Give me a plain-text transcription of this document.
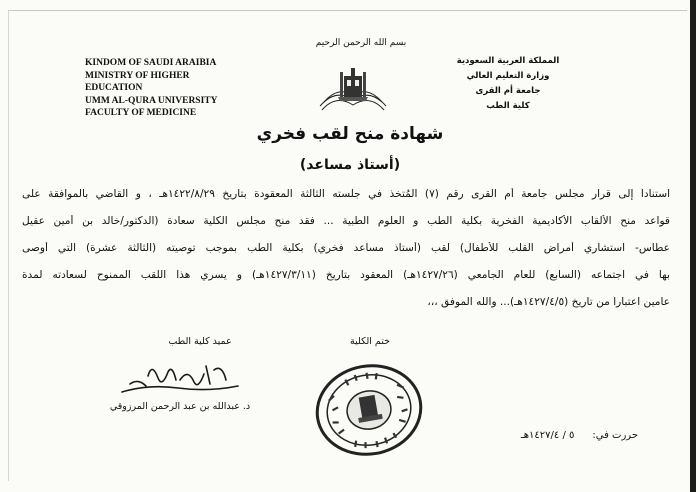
KINDOM OF SAUDI ARAIBIA
MINISTRY OF HIGHER EDUCATION
UMM AL-QURA UNIVERSITY
FACULTY OF MEDICINE
بسم الله الرحمن الرحيم
المملكة العربية السعودية
وزارة التعليم العالي
جامعة أم القرى
كلية الطب
شهادة منح لقب فخري
(أستاذ مساعد)
استناداً إلى قرار مجلس جامعة أم القرى رقم (٧) المُتخذ في جلسته الثالثة المعقودة بتاريخ ١٤٢٢/٨/٢٩هـ ، و القاضي بالموافقة على
قواعد منح الألقاب الأكاديمية الفخرية بكلية الطب و العلوم الطبية ... فقد منح مجلس الكلية سعادة (الدكتور/خالد بن أمين عقيل
عطاس- استشاري أمراض القلب للأطفال) لقب (أستاذ مساعد فخري) بكلية الطب بموجب توصيته (الثالثة عشرة) التي أوصى
بها في اجتماعه (السابع) للعام الجامعي (١٤٢٧/٢٦هـ) المعقود بتاريخ (١٤٢٧/٣/١١هـ) و يسري هذا اللقب الممنوح لسعادته لمدة
عامين اعتباراً من تاريخ (١٤٢٧/٤/٥هـ)... والله الموفق ،،،
عميد كلية الطب
د. عبدالله بن عبد الرحمن المرزوقي
ختم الكلية
حررت في:٥ / ١٤٢٧/٤هـ
